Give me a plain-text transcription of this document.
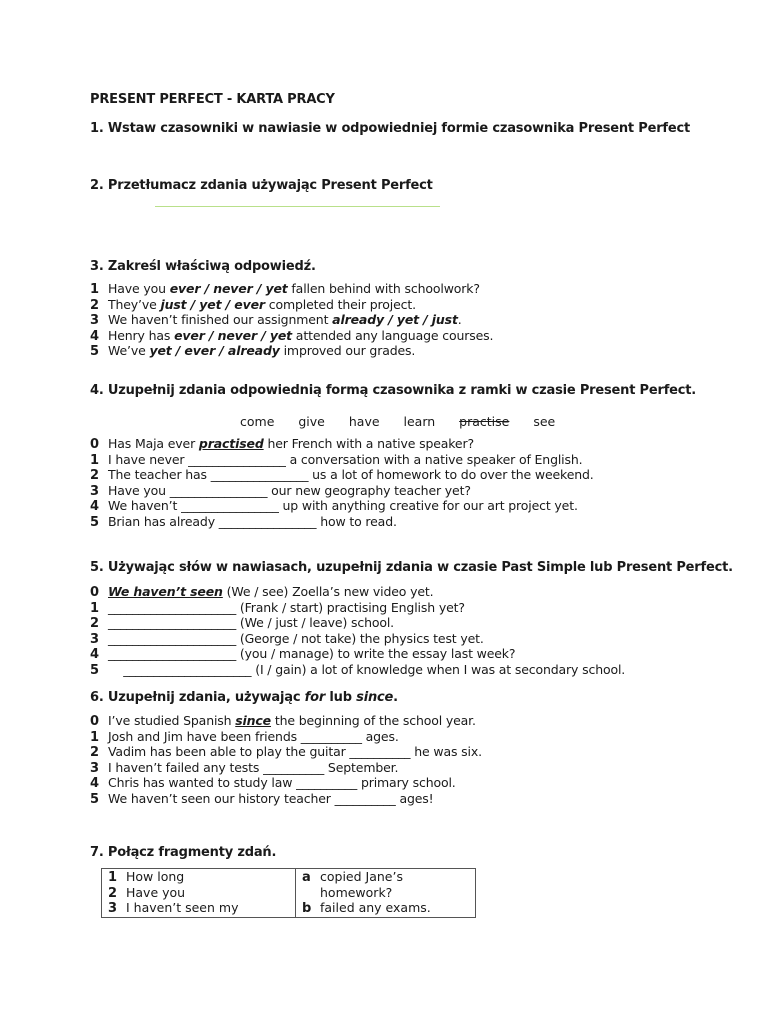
PRESENT PERFECT - KARTA PRACY
1. Wstaw czasowniki w nawiasie w odpowiedniej formie czasownika Present Perfect
2. Przetłumacz zdania używając Present Perfect
3. Zakreśl właściwą odpowiedź.
1 Have you ever / never / yet fallen behind with schoolwork?
2 They’ve just / yet / ever completed their project.
3 We haven’t finished our assignment already / yet / just.
4 Henry has ever / never / yet attended any language courses.
5 We’ve yet / ever / already improved our grades.
4. Uzupełnij zdania odpowiednią formą czasownika z ramki w czasie Present Perfect.
come give have learn practise see
0 Has Maja ever practised her French with a native speaker?
1 I have never ________________ a conversation with a native speaker of English.
2 The teacher has ________________ us a lot of homework to do over the weekend.
3 Have you ________________ our new geography teacher yet?
4 We haven’t ________________ up with anything creative for our art project yet.
5 Brian has already ________________ how to read.
5. Używając słów w nawiasach, uzupełnij zdania w czasie Past Simple lub Present Perfect.
0 We haven’t seen (We / see) Zoella’s new video yet.
1 _____________________ (Frank / start) practising English yet?
2 _____________________ (We / just / leave) school.
3 _____________________ (George / not take) the physics test yet.
4 _____________________ (you / manage) to write the essay last week?
5    _____________________ (I / gain) a lot of knowledge when I was at secondary school.
6. Uzupełnij zdania, używając for lub since.
0 I’ve studied Spanish since the beginning of the school year.
1 Josh and Jim have been friends __________ ages.
2 Vadim has been able to play the guitar __________ he was six.
3 I haven’t failed any tests __________ September.
4 Chris has wanted to study law __________ primary school.
5 We haven’t seen our history teacher __________ ages!
7. Połącz fragmenty zdań.
1 How long
2 Have you
3 I haven’t seen my
a copied Jane’s
homework?
b failed any exams.
